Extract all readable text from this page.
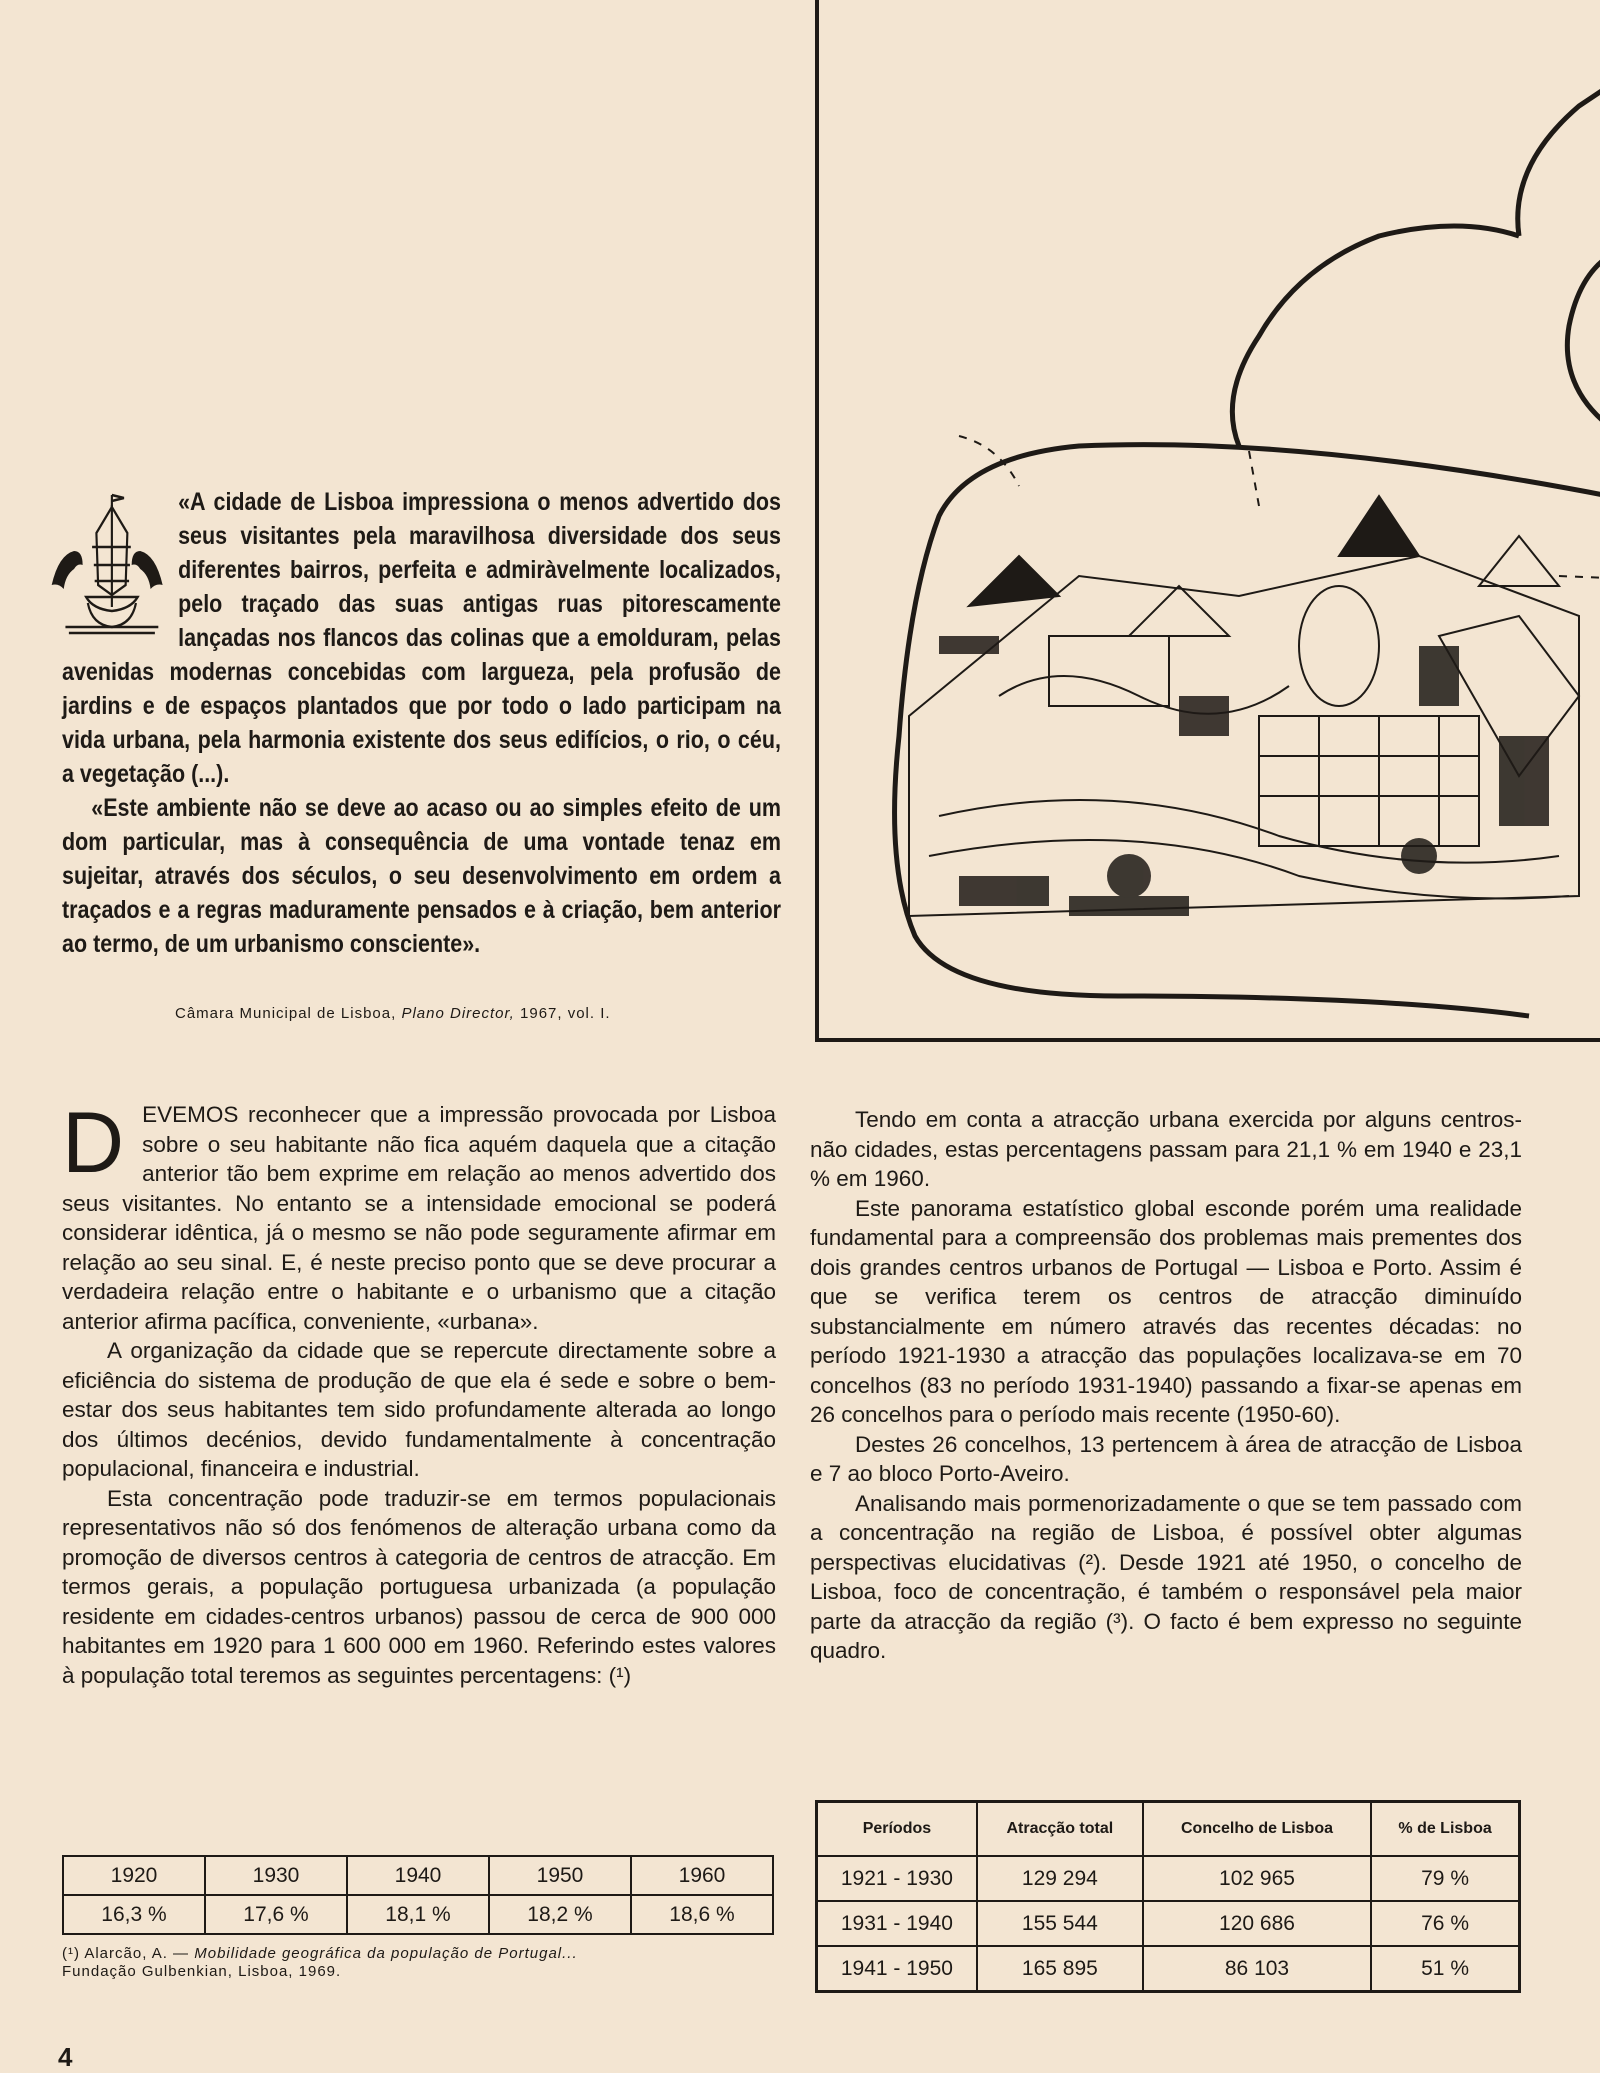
«A cidade de Lisboa impressiona o menos advertido dos seus visitantes pela maravilhosa diversidade dos seus diferentes bairros, perfeita e admiràvelmente localizados, pelo traçado das suas antigas ruas pitorescamente lançadas nos flancos das colinas que a emolduram, pelas avenidas modernas concebidas com largueza, pela profusão de jardins e de espaços plantados que por todo o lado participam na vida urbana, pela harmonia existente dos seus edifícios, o rio, o céu, a vegetação (...).

«Este ambiente não se deve ao acaso ou ao simples efeito de um dom particular, mas à consequência de uma vontade tenaz em sujeitar, através dos séculos, o seu desenvolvimento em ordem a traçados e a regras maduramente pensados e à criação, bem anterior ao termo, de um urbanismo consciente».

Câmara Municipal de Lisboa, Plano Director, 1967, vol. I.

DEVEMOS reconhecer que a impressão provocada por Lisboa sobre o seu habitante não fica aquém daquela que a citação anterior tão bem exprime em relação ao menos advertido dos seus visitantes. No entanto se a intensidade emocional se poderá considerar idêntica, já o mesmo se não pode seguramente afirmar em relação ao seu sinal. E, é neste preciso ponto que se deve procurar a verdadeira relação entre o habitante e o urbanismo que a citação anterior afirma pacífica, conveniente, «urbana».

A organização da cidade que se repercute directamente sobre a eficiência do sistema de produção de que ela é sede e sobre o bem-estar dos seus habitantes tem sido profundamente alterada ao longo dos últimos decénios, devido fundamentalmente à concentração populacional, financeira e industrial.

Esta concentração pode traduzir-se em termos populacionais representativos não só dos fenómenos de alteração urbana como da promoção de diversos centros à categoria de centros de atracção. Em termos gerais, a população portuguesa urbanizada (a população residente em cidades-centros urbanos) passou de cerca de 900 000 habitantes em 1920 para 1 600 000 em 1960. Referindo estes valores à população total teremos as seguintes percentagens: (¹)

1920	1930	1940	1950	1960
16,3 %	17,6 %	18,1 %	18,2 %	18,6 %
(¹) Alarcão, A. — Mobilidade geográfica da população de Portugal...
Fundação Gulbenkian, Lisboa, 1969.
4

Tendo em conta a atracção urbana exercida por alguns centros-não cidades, estas percentagens passam para 21,1 % em 1940 e 23,1 % em 1960.

Este panorama estatístico global esconde porém uma realidade fundamental para a compreensão dos problemas mais prementes dos dois grandes centros urbanos de Portugal — Lisboa e Porto. Assim é que se verifica terem os centros de atracção diminuído substancialmente em número através das recentes décadas: no período 1921-1930 a atracção das populações localizava-se em 70 concelhos (83 no período 1931-1940) passando a fixar-se apenas em 26 concelhos para o período mais recente (1950-60).

Destes 26 concelhos, 13 pertencem à área de atracção de Lisboa e 7 ao bloco Porto-Aveiro.

Analisando mais pormenorizadamente o que se tem passado com a concentração na região de Lisboa, é possível obter algumas perspectivas elucidativas (²). Desde 1921 até 1950, o concelho de Lisboa, foco de concentração, é também o responsável pela maior parte da atracção da região (³). O facto é bem expresso no seguinte quadro.

Períodos	Atracção total	Concelho de Lisboa	% de Lisboa
1921 - 1930	129 294	102 965	79 %
1931 - 1940	155 544	120 686	76 %
1941 - 1950	165 895	86 103	51 %
